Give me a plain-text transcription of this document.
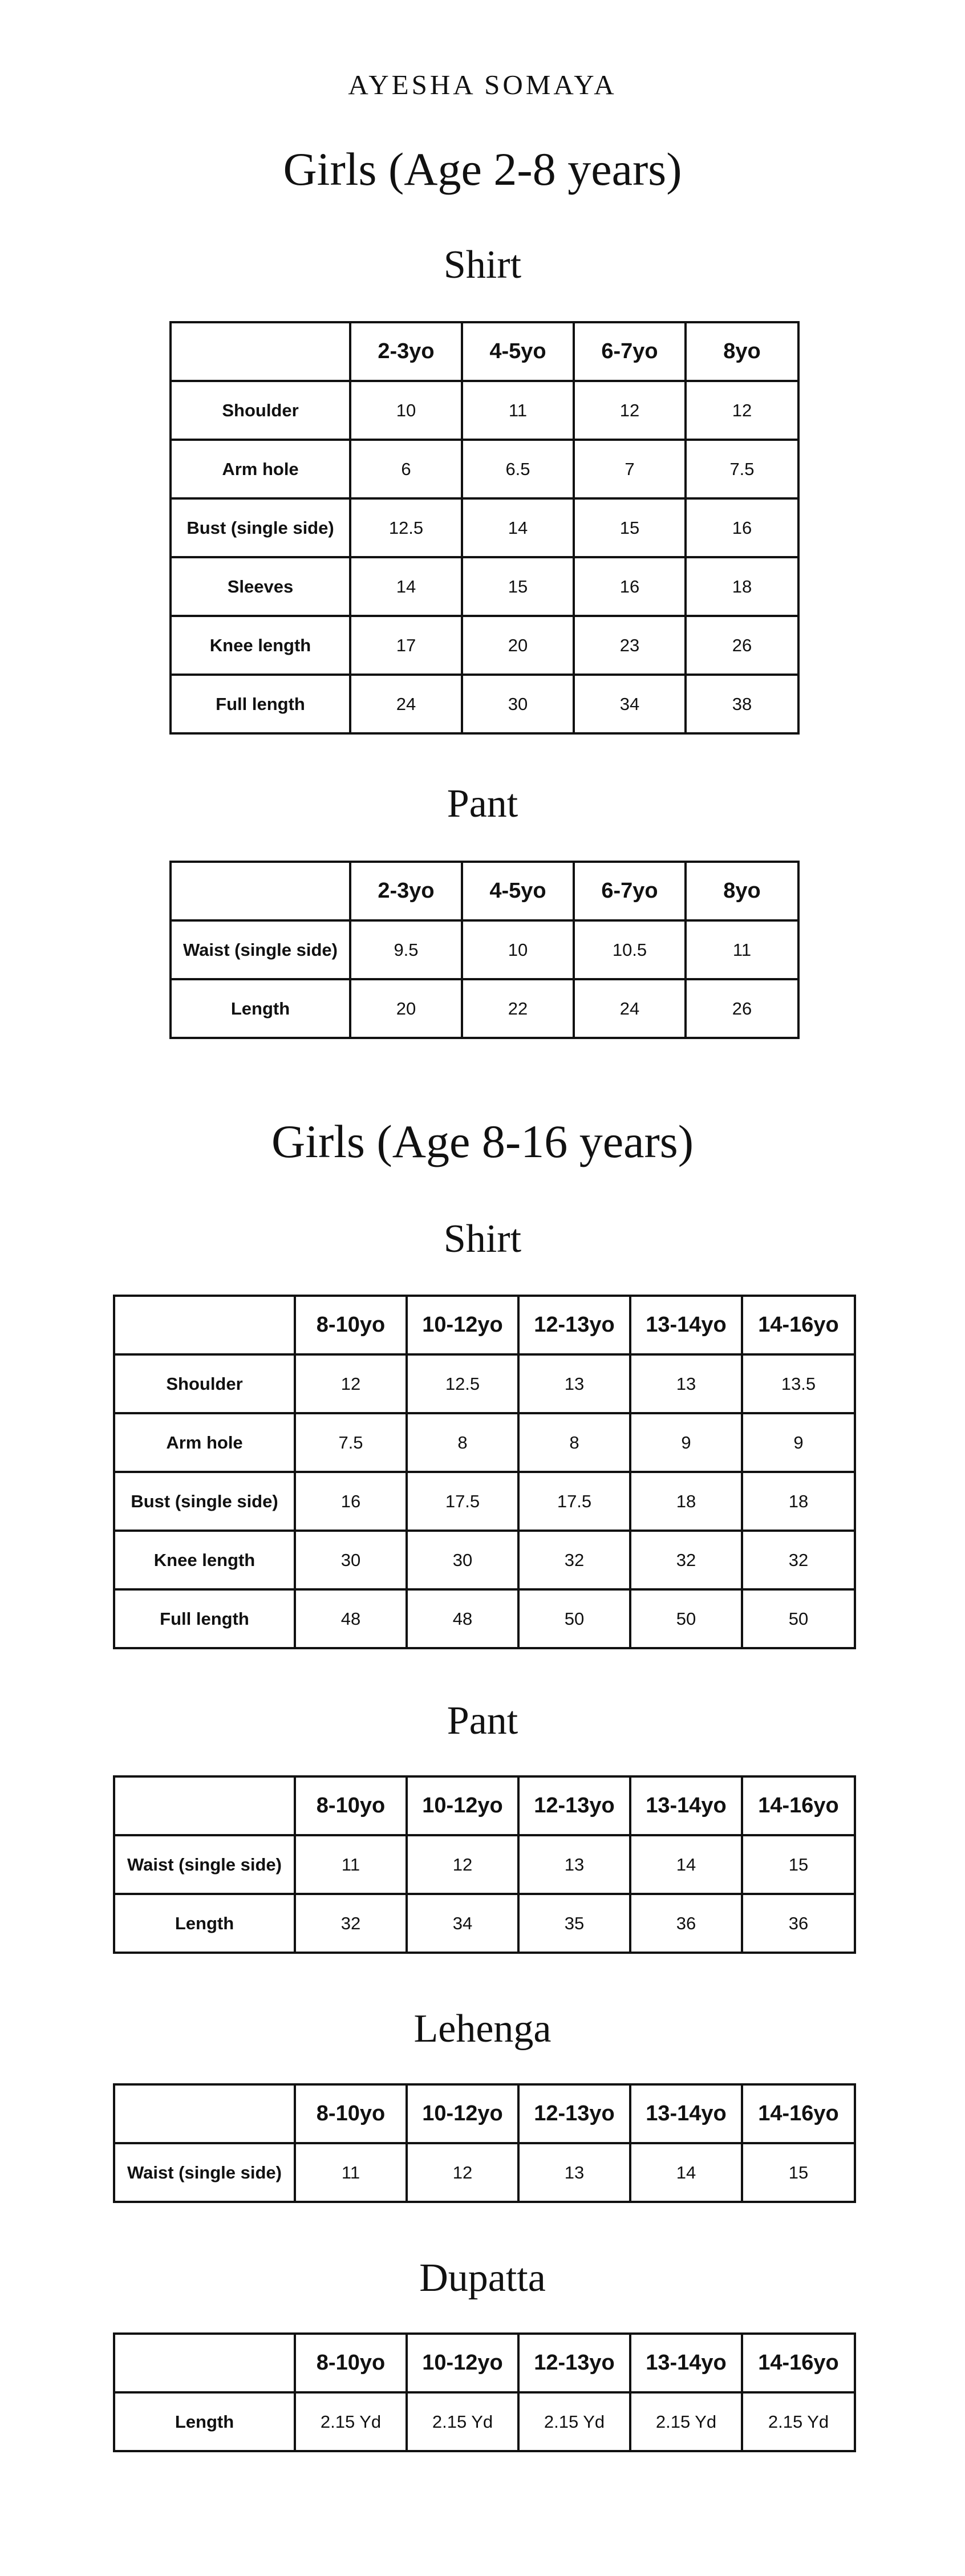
AYESHA SOMAYA
Girls (Age 2-8 years)
Shirt
	2-3yo	4-5yo	6-7yo	8yo
Shoulder	10	11	12	12
Arm hole	6	6.5	7	7.5
Bust (single side)	12.5	14	15	16
Sleeves	14	15	16	18
Knee length	17	20	23	26
Full length	24	30	34	38
Pant
	2-3yo	4-5yo	6-7yo	8yo
Waist (single side)	9.5	10	10.5	11
Length	20	22	24	26
Girls (Age 8-16 years)
Shirt
	8-10yo	10-12yo	12-13yo	13-14yo	14-16yo
Shoulder	12	12.5	13	13	13.5
Arm hole	7.5	8	8	9	9
Bust (single side)	16	17.5	17.5	18	18
Knee length	30	30	32	32	32
Full length	48	48	50	50	50
Pant
	8-10yo	10-12yo	12-13yo	13-14yo	14-16yo
Waist (single side)	11	12	13	14	15
Length	32	34	35	36	36
Lehenga
	8-10yo	10-12yo	12-13yo	13-14yo	14-16yo
Waist (single side)	11	12	13	14	15
Dupatta
	8-10yo	10-12yo	12-13yo	13-14yo	14-16yo
Length	2.15 Yd	2.15 Yd	2.15 Yd	2.15 Yd	2.15 Yd
